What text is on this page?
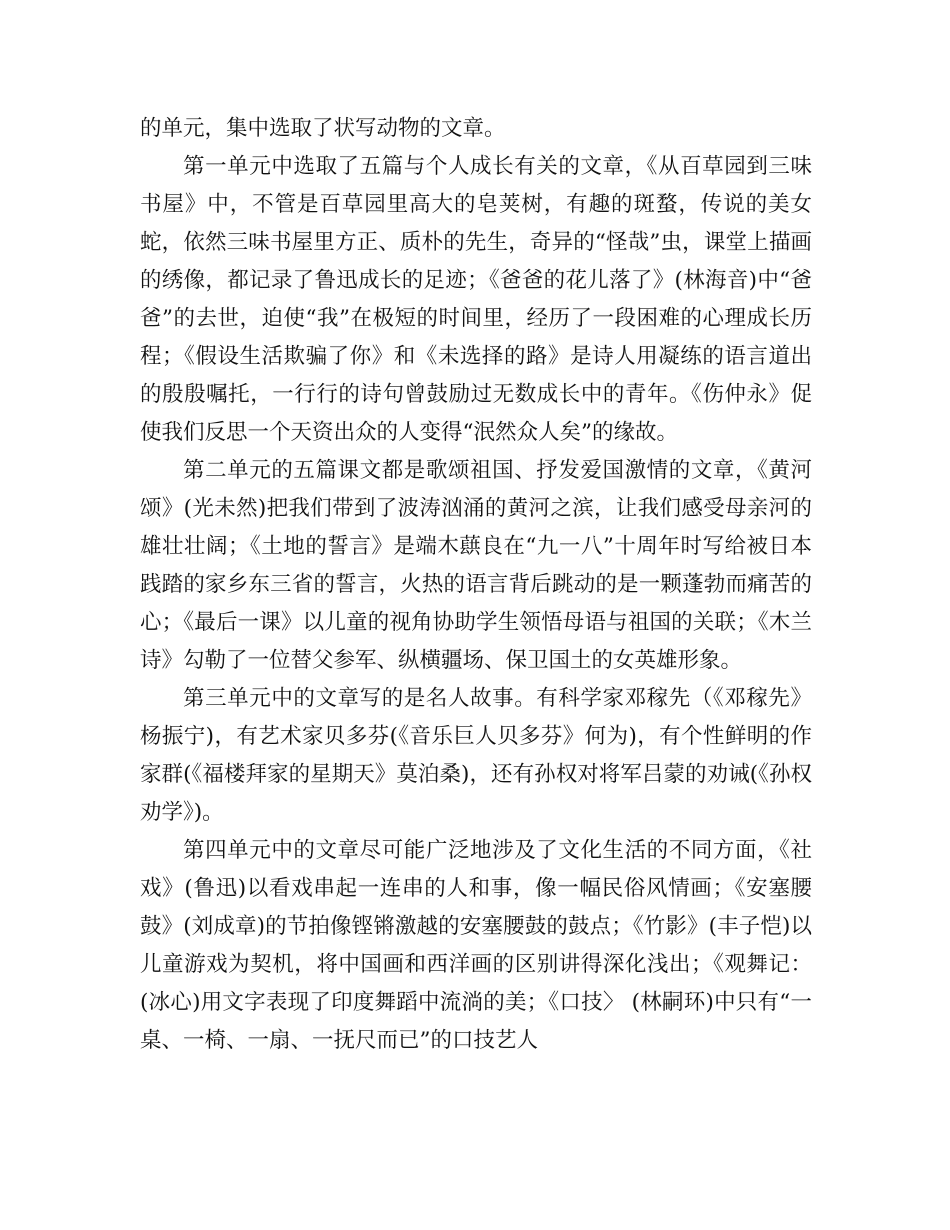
的单元，集中选取了状写动物的文章。

第一单元中选取了五篇与个人成长有关的文章，《从百草园到三味书屋》中，不管是百草园里高大的皂荚树，有趣的斑蝥，传说的美女蛇，依然三味书屋里方正、质朴的先生，奇异的“怪哉”虫，课堂上描画的绣像，都记录了鲁迅成长的足迹；《爸爸的花儿落了》(林海音)中“爸爸”的去世，迫使“我”在极短的时间里，经历了一段困难的心理成长历程；《假设生活欺骗了你》和《未选择的路》是诗人用凝练的语言道出的殷殷嘱托，一行行的诗句曾鼓励过无数成长中的青年。《伤仲永》促使我们反思一个天资出众的人变得“泯然众人矣”的缘故。

第二单元的五篇课文都是歌颂祖国、抒发爱国激情的文章，《黄河颂》(光未然)把我们带到了波涛汹涌的黄河之滨，让我们感受母亲河的雄壮壮阔；《土地的誓言》是端木蕻良在“九一八”十周年时写给被日本践踏的家乡东三省的誓言，火热的语言背后跳动的是一颗蓬勃而痛苦的心；《最后一课》以儿童的视角协助学生领悟母语与祖国的关联；《木兰诗》勾勒了一位替父参军、纵横疆场、保卫国土的女英雄形象。

第三单元中的文章写的是名人故事。有科学家邓稼先（《邓稼先》杨振宁)，有艺术家贝多芬(《音乐巨人贝多芬》何为)，有个性鲜明的作家群(《福楼拜家的星期天》莫泊桑)，还有孙权对将军吕蒙的劝诫(《孙权劝学》)。

第四单元中的文章尽可能广泛地涉及了文化生活的不同方面，《社戏》(鲁迅)以看戏串起一连串的人和事，像一幅民俗风情画；《安塞腰鼓》(刘成章)的节拍像铿锵激越的安塞腰鼓的鼓点；《竹影》(丰子恺)以儿童游戏为契机，将中国画和西洋画的区别讲得深化浅出；《观舞记：(冰心)用文字表现了印度舞蹈中流淌的美；《口技〉 (林嗣环)中只有“一桌、一椅、一扇、一抚尺而已”的口技艺人
